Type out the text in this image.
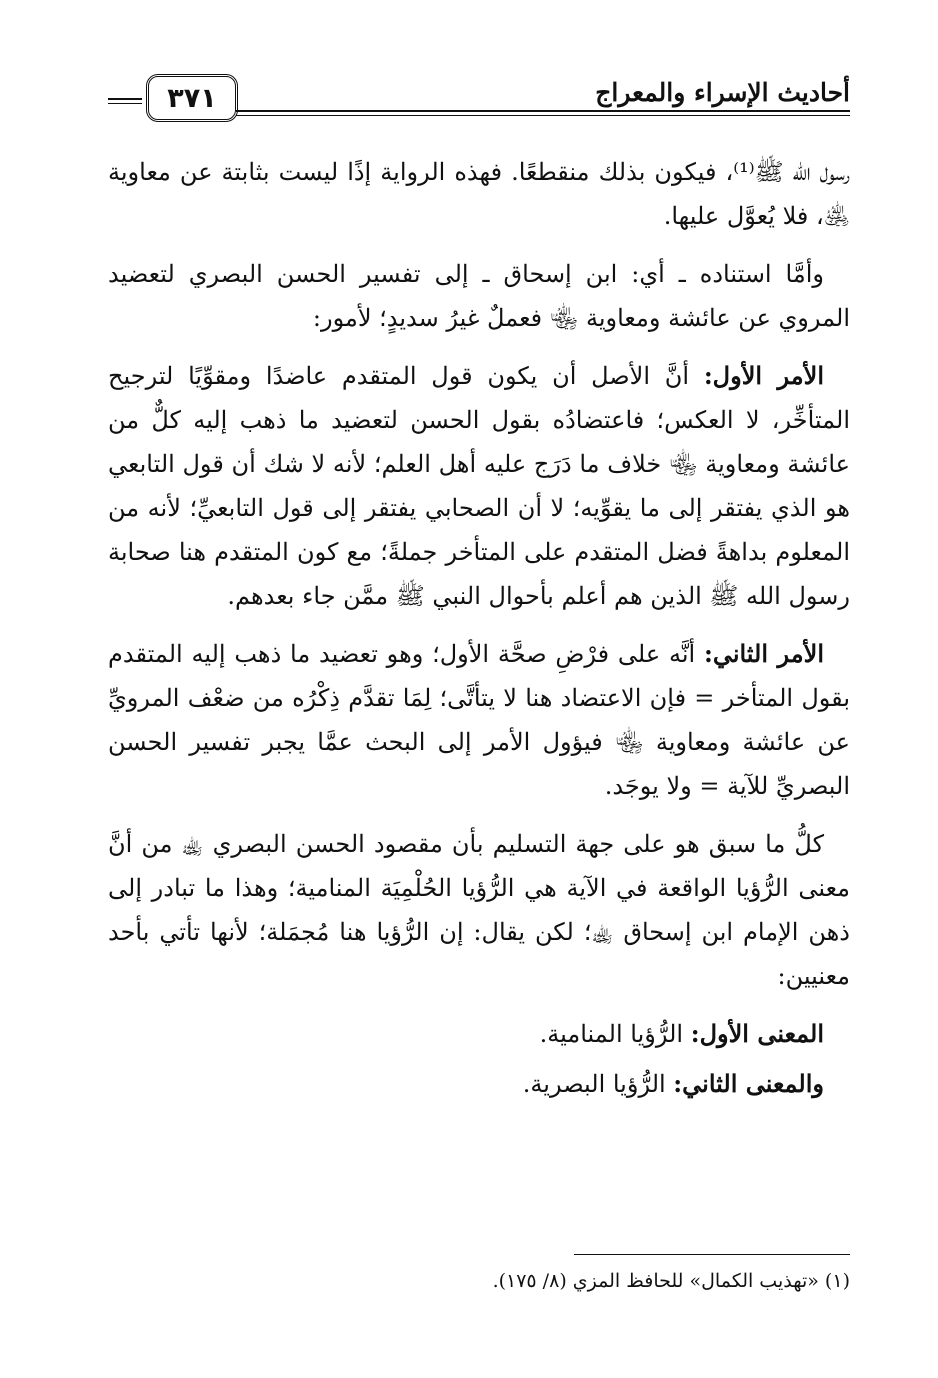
٣٧١	أحاديث الإسراء والمعراج

رسول الله ﷺ⁽¹⁾، فيكون بذلك منقطعًا. فهذه الرواية إذًا ليست بثابتة عن معاوية ﵁، فلا يُعوَّل عليها.

وأمَّا استناده ـ أي: ابن إسحاق ـ إلى تفسير الحسن البصري لتعضيد المروي عن عائشة ومعاوية ﵄ فعملٌ غيرُ سديدٍ؛ لأمور:

الأمر الأول: أنَّ الأصل أن يكون قول المتقدم عاضدًا ومقوِّيًا لترجيح المتأخِّر، لا العكس؛ فاعتضادُه بقول الحسن لتعضيد ما ذهب إليه كلٌّ من عائشة ومعاوية ﵄ خلاف ما دَرَج عليه أهل العلم؛ لأنه لا شك أن قول التابعي هو الذي يفتقر إلى ما يقوِّيه؛ لا أن الصحابي يفتقر إلى قول التابعيِّ؛ لأنه من المعلوم بداهةً فضل المتقدم على المتأخر جملةً؛ مع كون المتقدم هنا صحابة رسول الله ﷺ الذين هم أعلم بأحوال النبي ﷺ ممَّن جاء بعدهم.

الأمر الثاني: أنَّه على فرْضِ صحَّة الأول؛ وهو تعضيد ما ذهب إليه المتقدم بقول المتأخر = فإن الاعتضاد هنا لا يتأتَّى؛ لِمَا تقدَّم ذِكْرُه من ضعْف المرويِّ عن عائشة ومعاوية ﵄ فيؤول الأمر إلى البحث عمَّا يجبر تفسير الحسن البصريِّ للآية = ولا يوجَد.

كلُّ ما سبق هو على جهة التسليم بأن مقصود الحسن البصري ﵀ من أنَّ معنى الرُّؤيا الواقعة في الآية هي الرُّؤيا الحُلْمِيَة المنامية؛ وهذا ما تبادر إلى ذهن الإمام ابن إسحاق ﵀؛ لكن يقال: إن الرُّؤيا هنا مُجمَلة؛ لأنها تأتي بأحد معنيين:

المعنى الأول: الرُّؤيا المنامية.

والمعنى الثاني: الرُّؤيا البصرية.

(١) «تهذيب الكمال» للحافظ المزي (٨/ ١٧٥).
